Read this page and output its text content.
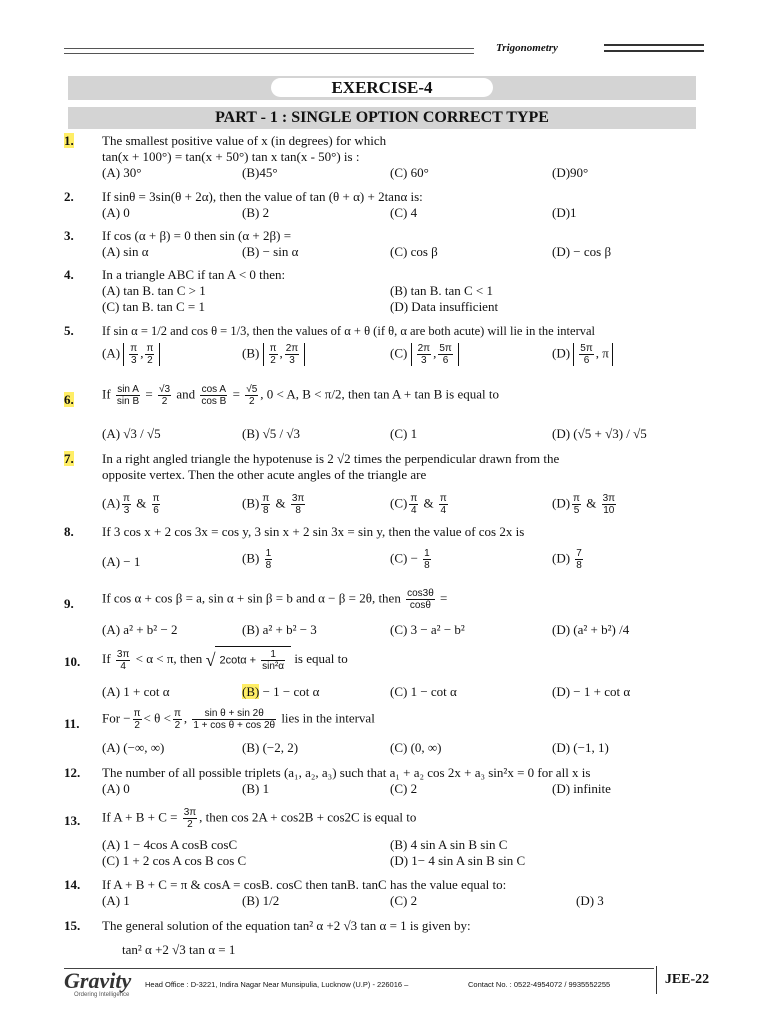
Trigonometry
EXERCISE-4
PART - 1 : SINGLE OPTION CORRECT TYPE
1.	The smallest positive value of x (in degrees) for which
tan(x + 100°) = tan(x + 50°) tan x tan(x - 50°) is :
(A) 30°	(B)45°	(C) 60°	(D)90°
2.	If sinθ = 3sin(θ + 2α), then the value of tan (θ + α) + 2tanα is:
(A) 0	(B) 2	(C) 4	(D)1
3.	If cos (α + β) = 0 then sin (α + 2β) =
(A) sin α	(B) − sin α	(C) cos β	(D) − cos β
4.	In a triangle ABC if tan A < 0 then:
(A) tan B. tan C > 1	(B) tan B. tan C < 1
(C) tan B. tan C = 1	(D) Data insufficient
5.	If sin α = 1/2 and cos θ = 1/3, then the values of α + θ (if θ, α are both acute) will lie in the interval
$(A) \frac{\pi}{3}$ , $\frac{\pi}{2}$	$(B) \frac{\pi}{2}$ , $\frac{2\pi}{3}$	$(C) \frac{2\pi}{3}$ , $\frac{5\pi}{6}$	$(D) \frac{5\pi}{6}$ , π
6.	If $\frac{\text{sin A}}{\text{sin B}} = \frac{√3}{2}$ and $\frac{\text{cos A}}{\text{cos B}} = \frac{√5}{2}$ , 0 < A, B < π/2, then tan A + tan B is equal to
(A) √3 / √5	(B) √5 / √3	(C) 1	(D) (√5 + √3) / √5
7.	In a right angled triangle the hypotenuse is 2 √2 times the perpendicular drawn from the
opposite vertex. Then the other acute angles of the triangle are
$(A) \frac{\pi}{3}$ & $\frac{\pi}{6}$	$(B) \frac{\pi}{8}$ & $\frac{3\pi}{8}$	$(C) \frac{\pi}{4}$ & $\frac{\pi}{4}$	$(D) \frac{\pi}{5}$ & $\frac{3\pi}{10}$
8.	If 3 cos x + 2 cos 3x = cos y, 3 sin x + 2 sin 3x = sin y, then the value of cos 2x is
(A) − 1	$(B) \frac{1}{8}$	$(C) - \frac{1}{8}$	$(D) \frac{7}{8}$
9.	If cos α + cos β = a, sin α + sin β = b and α − β = 2θ, then $\frac{\cos 3\theta}{\cos\theta}$ =
(A) a² + b² − 2	(B) a² + b² − 3	(C) 3 − a² − b²	(D) (a² + b²) /4
10.	If $\frac{3\pi}{4} < \alpha < \pi$, then √ $2\cot\alpha + \frac{1}{\text{sin²α}}$ is equal to
(A) 1 + cot α	(B) − 1 − cot α	(C) 1 − cot α	(D) − 1 + cot α
11.	For − $\frac{\pi}{2} < \theta < \frac{\pi}{2}$ , $\frac{\text{sin θ + sin 2θ}}{\text{1 + cos θ + cos 2θ}}$ lies in the interval
(A) (−∞, ∞)	(B) (−2, 2)	(C) (0, ∞)	(D) (−1, 1)
12.	The number of all possible triplets (a₁, a₂, a₃) such that a₁ + a₂ cos 2x + a₃ sin²x = 0 for all x is
(A) 0	(B) 1	(C) 2	(D) infinite
13.	If $A + B + C = \frac{3\pi}{2}$ , then cos 2A + cos2B + cos2C is equal to
(A) 1 − 4cos A cosB cosC	(B) 4 sin A sin B sin C
(C) 1 + 2 cos A cos B cos C	(D) 1− 4 sin A sin B sin C
14.	If A + B + C = π & cosA = cosB. cosC then tanB. tanC has the value equal to:
(A) 1	(B) 1/2	(C) 2	(D) 3
15.	The general solution of the equation tan² α +2 √3 tan α = 1 is given by:
tan² α +2 √3 tan α = 1
Gravity
Ordering Intelligence
Head Office : D-3221, Indira Nagar Near Munsipulia, Lucknow (U.P) - 226016 –	Contact No. : 0522-4954072 / 9935552255	JEE-22
